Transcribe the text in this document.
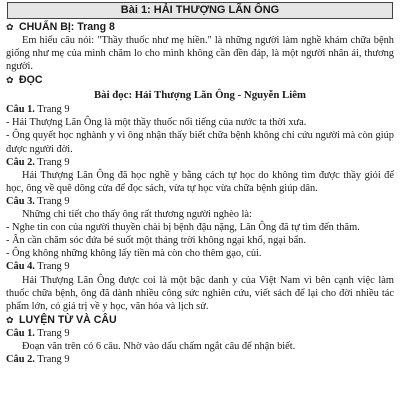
Bài 1: HẢI THƯỢNG LÃN ÔNG
✿ CHUẨN BỊ: Trang 8
Em hiểu câu nói: "Thầy thuốc như mẹ hiền." là những người làm nghề khám chữa bệnh giống như mẹ của mình chăm lo cho mình không cần đền đáp, là một người nhân ái, thương người.
✿ ĐỌC
Bài đọc: Hải Thượng Lãn Ông - Nguyễn Liêm
Câu 1. Trang 9
- Hải Thượng Lãn Ông là một thầy thuốc nổi tiếng của nước ta thời xưa.
- Ông quyết học nghành y vì ông nhận thấy biết chữa bệnh không chỉ cứu người mà còn giúp được người đời.
Câu 2. Trang 9
Hải Thượng Lãn Ông đã học nghề y bằng cách tự học do không tìm được thầy giỏi để học, ông về quê dõng cửa để đọc sách, vừa tự học vừa chữa bệnh giúp dân.
Câu 3. Trang 9
Những chi tiết cho thấy ông rất thương người nghèo là:
- Nghe tin con của người thuyền chài bị bệnh đậu nặng, Lãn Ông đã tự tìm đến thăm.
- Ân cần chăm sóc đứa bé suốt một tháng trời không ngại khổ, ngại bẩn.
- Ông không những không lấy tiền mà còn cho thêm gạo, củi.
Câu 4. Trang 9
Hải Thượng Lãn Ông được coi là một bậc danh y của Việt Nam vì bên cạnh việc làm thuốc chữa bệnh, ông đã dành nhiều công sức nghiên cứu, viết sách để lại cho đời nhiều tác phẩm lớn, có giá trị về y học, văn hóa và lịch sử.
✿ LUYỆN TỪ VÀ CÂU
Câu 1. Trang 9
Đoạn văn trên có 6 câu. Nhờ vào dấu chấm ngắt câu để nhận biết.
Câu 2. Trang 9
